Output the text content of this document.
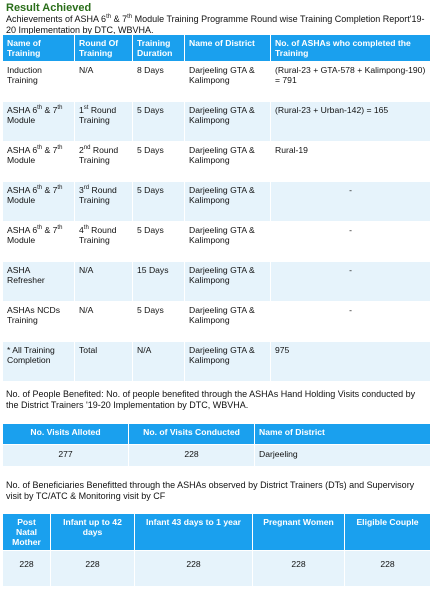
Result Achieved
Achievements of ASHA 6th & 7th Module Training Programme Round wise Training Completion Report'19-20 Implementation by DTC, WBVHA.
Name of Training	Round Of Training	Training Duration	Name of District	No. of ASHAs who completed the Training
Induction Training	N/A	8 Days	Darjeeling GTA & Kalimpong	(Rural-23 + GTA-578 + Kalimpong-190) = 791
ASHA 6th & 7th Module	1st Round Training	5 Days	Darjeeling GTA & Kalimpong	(Rural-23 + Urban-142) = 165
ASHA 6th & 7th Module	2nd Round Training	5 Days	Darjeeling GTA & Kalimpong	Rural-19
ASHA 6th & 7th Module	3rd Round Training	5 Days	Darjeeling GTA & Kalimpong	-
ASHA 6th & 7th Module	4th Round Training	5 Days	Darjeeling GTA & Kalimpong	-
ASHA Refresher	N/A	15 Days	Darjeeling GTA & Kalimpong	-
ASHAs NCDs Training	N/A	5 Days	Darjeeling GTA & Kalimpong	-
* All Training Completion	Total	N/A	Darjeeling GTA & Kalimpong	975
No. of People Benefited: No. of people benefited through the ASHAs Hand Holding Visits conducted by the District Trainers '19-20 Implementation by DTC, WBVHA.
No. Visits Alloted	No. of Visits Conducted	Name of District
277	228	Darjeeling
No. of Beneficiaries Benefitted through the ASHAs observed by District Trainers (DTs) and Supervisory visit by TC/ATC & Monitoring visit by CF
Post Natal Mother	Infant up to 42 days	Infant 43 days to 1 year	Pregnant Women	Eligible Couple
228	228	228	228	228
